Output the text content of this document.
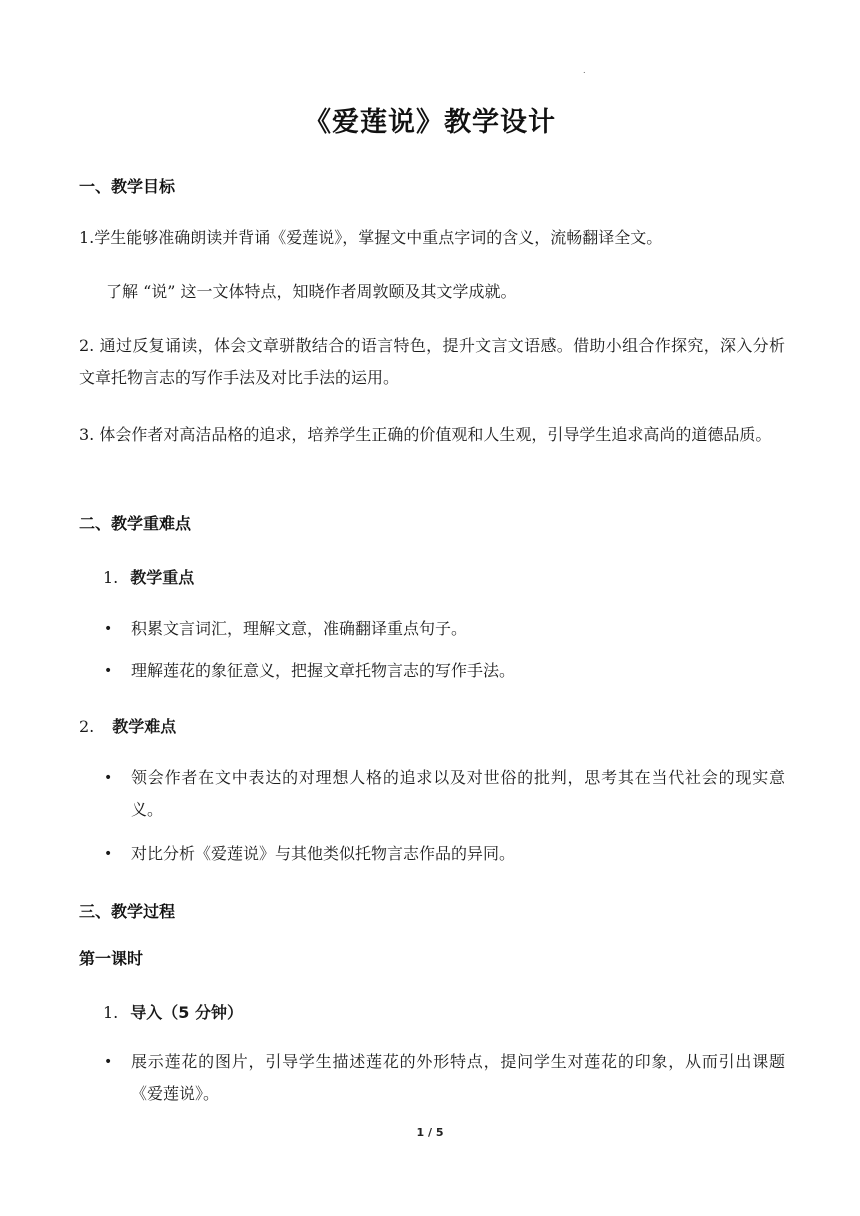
.
《爱莲说》教学设计
一、教学目标
1.学生能够准确朗读并背诵《爱莲说》，掌握文中重点字词的含义，流畅翻译全文。
了解 “说” 这一文体特点，知晓作者周敦颐及其文学成就。
2. 通过反复诵读，体会文章骈散结合的语言特色，提升文言文语感。借助小组合作探究，深入分析文章托物言志的写作手法及对比手法的运用。
3. 体会作者对高洁品格的追求，培养学生正确的价值观和人生观，引导学生追求高尚的道德品质。
二、教学重难点
1. 教学重点
• 积累文言词汇，理解文意，准确翻译重点句子。
• 理解莲花的象征意义，把握文章托物言志的写作手法。
2. 教学难点
• 领会作者在文中表达的对理想人格的追求以及对世俗的批判，思考其在当代社会的现实意义。
• 对比分析《爱莲说》与其他类似托物言志作品的异同。
三、教学过程
第一课时
1. 导入（5 分钟）
• 展示莲花的图片，引导学生描述莲花的外形特点，提问学生对莲花的印象，从而引出课题《爱莲说》。
1 / 5
